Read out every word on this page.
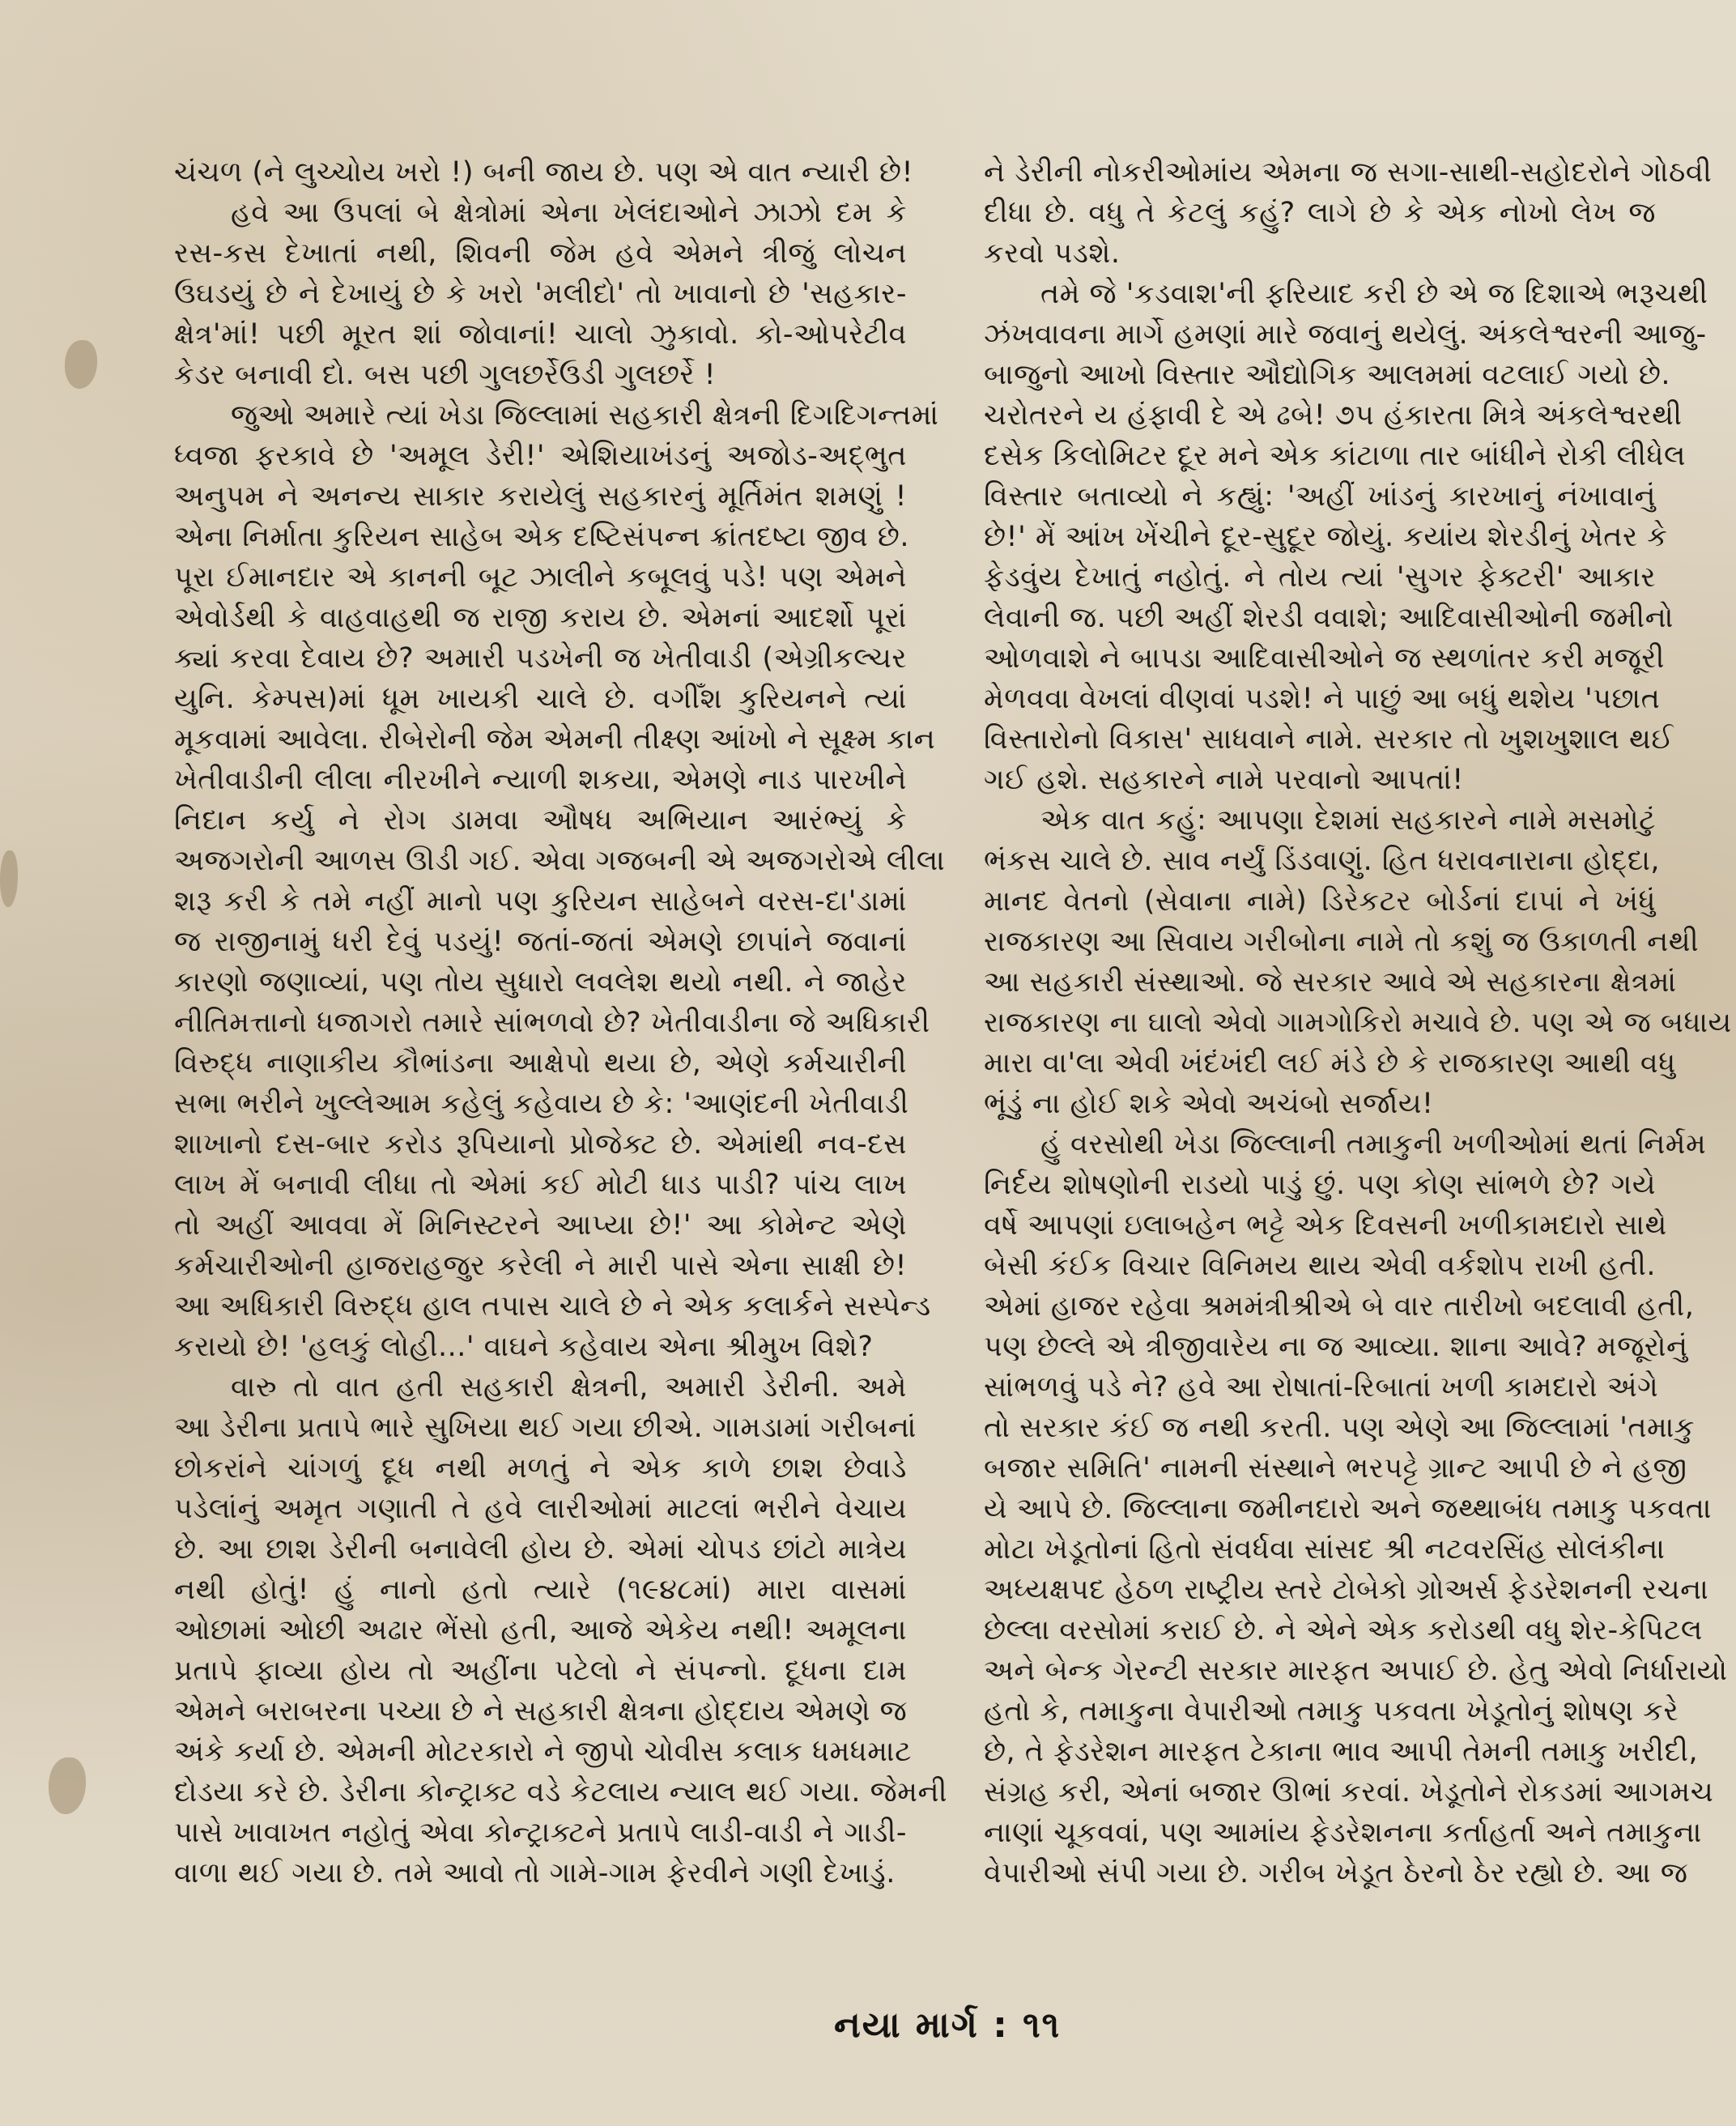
ચંચળ (ને લુચ્ચોય ખરો !) બની જાય છે. પણ એ વાત ન્યારી છે!
હવે આ ઉપલાં બે ક્ષેત્રોમાં એના ખેલંદાઓને ઝાઝો દમ કે
રસ-કસ દેખાતાં નથી, શિવની જેમ હવે એમને ત્રીજું લોચન
ઉઘડયું છે ને દેખાયું છે કે ખરો 'મલીદો' તો ખાવાનો છે 'સહકાર-
ક્ષેત્ર'માં! પછી મૂરત શાં જોવાનાં! ચાલો ઝુકાવો. કો-ઓપરેટીવ
કેડર બનાવી દો. બસ પછી ગુલછર્રેઉડી ગુલછર્રે !
જુઓ અમારે ત્યાં ખેડા જિલ્લામાં સહકારી ક્ષેત્રની દિગદિગન્તમાં
ધ્વજા ફરકાવે છે 'અમૂલ ડેરી!' એશિયાખંડનું અજોડ-અદ્ભુત
અનુપમ ને અનન્ય સાકાર કરાયેલું સહકારનું મૂર્તિમંત શમણું !
એના નિર્માતા કુરિયન સાહેબ એક દષ્ટિસંપન્ન ક્રાંતદષ્ટા જીવ છે.
પૂરા ઈમાનદાર એ કાનની બૂટ ઝાલીને કબૂલવું પડે! પણ એમને
એવોર્ડથી કે વાહવાહથી જ રાજી કરાય છે. એમનાં આદર્શો પૂરાં
ક્યાં કરવા દેવાય છે? અમારી પડખેની જ ખેતીવાડી (એગ્રીકલ્ચર
યુનિ. કેમ્પસ)માં ધૂમ ખાયકી ચાલે છે. વગીઁશ કુરિયનને ત્યાં
મૂકવામાં આવેલા. રીબેરોની જેમ એમની તીક્ષ્ણ આંખો ને સૂક્ષ્મ કાન
ખેતીવાડીની લીલા નીરખીને ન્યાળી શકયા, એમણે નાડ પારખીને
નિદાન કર્યુ ને રોગ ડામવા ઔષધ અભિયાન આરંભ્યું કે
અજગરોની આળસ ઊડી ગઈ. એવા ગજબની એ અજગરોએ લીલા
શરૂ કરી કે તમે નહીં માનો પણ કુરિયન સાહેબને વરસ-દા'ડામાં
જ રાજીનામું ધરી દેવું પડયું! જતાં-જતાં એમણે છાપાંને જવાનાં
કારણો જણાવ્યાં, પણ તોય સુધારો લવલેશ થયો નથી. ને જાહેર
નીતિમત્તાનો ધજાગરો તમારે સાંભળવો છે? ખેતીવાડીના જે અધિકારી
વિરુદ્ધ નાણાકીય કૌભાંડના આક્ષેપો થયા છે, એણે કર્મચારીની
સભા ભરીને ખુલ્લેઆમ કહેલું કહેવાય છે કે: 'આણંદની ખેતીવાડી
શાખાનો દસ-બાર કરોડ રૂપિયાનો પ્રોજેક્ટ છે. એમાંથી નવ-દસ
લાખ મેં બનાવી લીધા તો એમાં કઈ મોટી ધાડ પાડી? પાંચ લાખ
તો અહીં આવવા મેં મિનિસ્ટરને આપ્યા છે!' આ કોમેન્ટ એણે
કર્મચારીઓની હાજરાહજુર કરેલી ને મારી પાસે એના સાક્ષી છે!
આ અધિકારી વિરુદ્ધ હાલ તપાસ ચાલે છે ને એક કલાર્કને સસ્પેન્ડ
કરાયો છે! 'હલકું લોહી...' વાઘને કહેવાય એના શ્રીમુખ વિશે?
વારુ તો વાત હતી સહકારી ક્ષેત્રની, અમારી ડેરીની. અમે
આ ડેરીના પ્રતાપે ભારે સુખિયા થઈ ગયા છીએ. ગામડામાં ગરીબનાં
છોકરાંને ચાંગળું દૂધ નથી મળતું ને એક કાળે છાશ છેવાડે
પડેલાંનું અમૃત ગણાતી તે હવે લારીઓમાં માટલાં ભરીને વેચાય
છે. આ છાશ ડેરીની બનાવેલી હોય છે. એમાં ચોપડ છાંટો માત્રેય
નથી હોતું! હું નાનો હતો ત્યારે (૧૯૪૮માં) મારા વાસમાં
ઓછામાં ઓછી અઢાર ભેંસો હતી, આજે એકેય નથી! અમૂલના
પ્રતાપે ફાવ્યા હોય તો અહીંના પટેલો ને સંપન્નો. દૂધના દામ
એમને બરાબરના પચ્યા છે ને સહકારી ક્ષેત્રના હોદ્દાય એમણે જ
અંકે કર્યા છે. એમની મોટરકારો ને જીપો ચોવીસ કલાક ધમધમાટ
દોડયા કરે છે. ડેરીના કોન્ટ્રાક્ટ વડે કેટલાય ન્યાલ થઈ ગયા. જેમની
પાસે ખાવાખત નહોતું એવા કોન્ટ્રાક્ટને પ્રતાપે લાડી-વાડી ને ગાડી-
વાળા થઈ ગયા છે. તમે આવો તો ગામે-ગામ ફેરવીને ગણી દેખાડું.
ને ડેરીની નોકરીઓમાંય એમના જ સગા-સાથી-સહોદરોને ગોઠવી
દીધા છે. વધુ તે કેટલું કહું? લાગે છે કે એક નોખો લેખ જ
કરવો પડશે.
તમે જે 'કડવાશ'ની ફરિયાદ કરી છે એ જ દિશાએ ભરૂચથી
ઝંખવાવના માર્ગે હમણાં મારે જવાનું થયેલું. અંકલેશ્વરની આજુ-
બાજુનો આખો વિસ્તાર ઔદ્યોગિક આલમમાં વટલાઈ ગયો છે.
ચરોતરને ય હંફાવી દે એ ઢબે! ૭૫ હંકારતા મિત્રે અંકલેશ્વરથી
દસેક કિલોમિટર દૂર મને એક કાંટાળા તાર બાંધીને રોકી લીધેલ
વિસ્તાર બતાવ્યો ને કહ્યું: 'અહીં ખાંડનું કારખાનું નંખાવાનું
છે!' મેં આંખ ખેંચીને દૂર-સુદૂર જોયું. કયાંય શેરડીનું ખેતર કે
ફેડવુંય દેખાતું નહોતું. ને તોય ત્યાં 'સુગર ફેક્ટરી' આકાર
લેવાની જ. પછી અહીં શેરડી વવાશે; આદિવાસીઓની જમીનો
ઓળવાશે ને બાપડા આદિવાસીઓને જ સ્થળાંતર કરી મજૂરી
મેળવવા વેખલાં વીણવાં પડશે! ને પાછું આ બધું થશેય 'પછાત
વિસ્તારોનો વિકાસ' સાધવાને નામે. સરકાર તો ખુશખુશાલ થઈ
ગઈ હશે. સહકારને નામે પરવાનો આપતાં!
એક વાત કહું: આપણા દેશમાં સહકારને નામે મસમોટું
ભંકસ ચાલે છે. સાવ નર્યું ડિંડવાણું. હિત ધરાવનારાના હોદ્દા,
માનદ વેતનો (સેવાના નામે) ડિરેકટર બોર્ડનાં દાપાં ને ખંધું
રાજકારણ આ સિવાય ગરીબોના નામે તો કશું જ ઉકાળતી નથી
આ સહકારી સંસ્થાઓ. જે સરકાર આવે એ સહકારના ક્ષેત્રમાં
રાજકારણ ના ઘાલો એવો ગામગોકિરો મચાવે છે. પણ એ જ બધાય
મારા વા'લા એવી ખંદંખંદી લઈ મંડે છે કે રાજકારણ આથી વધુ
ભૂંડું ના હોઈ શકે એવો અચંબો સર્જાય!
હું વરસોથી ખેડા જિલ્લાની તમાકુની ખળીઓમાં થતાં નિર્મમ
નિર્દય શોષણોની રાડયો પાડું છું. પણ કોણ સાંભળે છે? ગયે
વર્ષે આપણાં ઇલાબહેન ભટ્ટે એક દિવસની ખળીકામદારો સાથે
બેસી કંઈક વિચાર વિનિમય થાય એવી વર્કશોપ રાખી હતી.
એમાં હાજર રહેવા શ્રમમંત્રીશ્રીએ બે વાર તારીખો બદલાવી હતી,
પણ છેલ્લે એ ત્રીજીવારેય ના જ આવ્યા. શાના આવે? મજૂરોનું
સાંભળવું પડે ને? હવે આ રોષાતાં-રિબાતાં ખળી કામદારો અંગે
તો સરકાર કંઈ જ નથી કરતી. પણ એણે આ જિલ્લામાં 'તમાકુ
બજાર સમિતિ' નામની સંસ્થાને ભરપટ્ટે ગ્રાન્ટ આપી છે ને હજી
યે આપે છે. જિલ્લાના જમીનદારો અને જથ્થાબંધ તમાકુ પકવતા
મોટા ખેડૂતોનાં હિતો સંવર્ધવા સાંસદ શ્રી નટવરસિંહ સોલંકીના
અધ્યક્ષપદ હેઠળ રાષ્ટ્રીય સ્તરે ટોબેકો ગ્રોઅર્સ ફેડરેશનની રચના
છેલ્લા વરસોમાં કરાઈ છે. ને એને એક કરોડથી વધુ શેર-કેપિટલ
અને બેન્ક ગેરન્ટી સરકાર મારફત અપાઈ છે. હેતુ એવો નિર્ધારાયો
હતો કે, તમાકુના વેપારીઓ તમાકુ પકવતા ખેડૂતોનું શોષણ કરે
છે, તે ફેડરેશન મારફત ટેકાના ભાવ આપી તેમની તમાકુ ખરીદી,
સંગ્રહ કરી, એનાં બજાર ઊભાં કરવાં. ખેડૂતોને રોકડમાં આગમચ
નાણાં ચૂકવવાં, પણ આમાંય ફેડરેશનના કર્તાહર્તા અને તમાકુના
વેપારીઓ સંપી ગયા છે. ગરીબ ખેડૂત ઠેરનો ઠેર રહ્યો છે. આ જ
નયા માર્ગ : ૧૧
